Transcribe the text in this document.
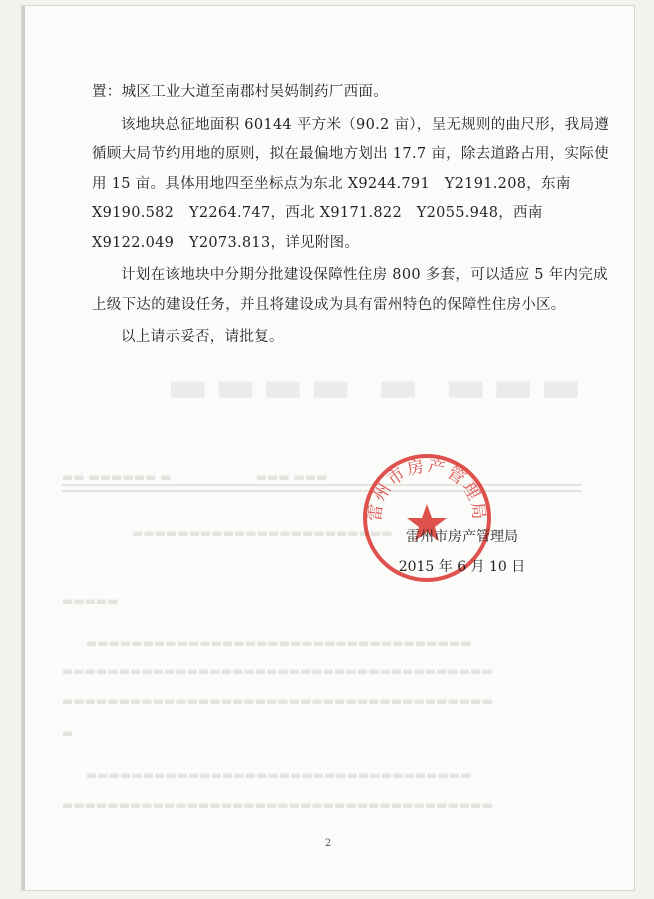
▬▬▬▬ ▬ ▬▬▬
▬▬ ▬▬▬▬▬▬ ▬　　　　　　　▬▬▬ ▬▬▬
▬▬▬▬▬▬▬▬▬▬▬▬▬▬▬▬▬▬▬▬▬▬▬
▬▬▬▬▬
　　▬▬▬▬▬▬▬▬▬▬▬▬▬▬▬▬▬▬▬▬▬▬▬▬▬▬▬▬▬▬▬▬▬▬
▬▬▬▬▬▬▬▬▬▬▬▬▬▬▬▬▬▬▬▬▬▬▬▬▬▬▬▬▬▬▬▬▬▬▬▬▬▬
▬▬▬▬▬▬▬▬▬▬▬▬▬▬▬▬▬▬▬▬▬▬▬▬▬▬▬▬▬▬▬▬▬▬▬▬▬▬
▬
　　▬▬▬▬▬▬▬▬▬▬▬▬▬▬▬▬▬▬▬▬▬▬▬▬▬▬▬▬▬▬▬▬▬▬
▬▬▬▬▬▬▬▬▬▬▬▬▬▬▬▬▬▬▬▬▬▬▬▬▬▬▬▬▬▬▬▬▬▬▬▬▬▬

置：城区工业大道至南郡村吴妈制药厂西面。

该地块总征地面积 60144 平方米（90.2 亩），呈无规则的曲尺形，我局遵循顾大局节约用地的原则，拟在最偏地方划出 17.7 亩，除去道路占用，实际使用 15 亩。具体用地四至坐标点为东北 X9244.791　Y2191.208，东南 X9190.582　Y2264.747，西北 X9171.822　Y2055.948，西南 X9122.049　Y2073.813，详见附图。

计划在该地块中分期分批建设保障性住房 800 多套，可以适应 5 年内完成上级下达的建设任务，并且将建设成为具有雷州特色的保障性住房小区。

以上请示妥否，请批复。

雷州市房产管理局
雷州市房产管理局
2015 年 6 月 10 日
2
